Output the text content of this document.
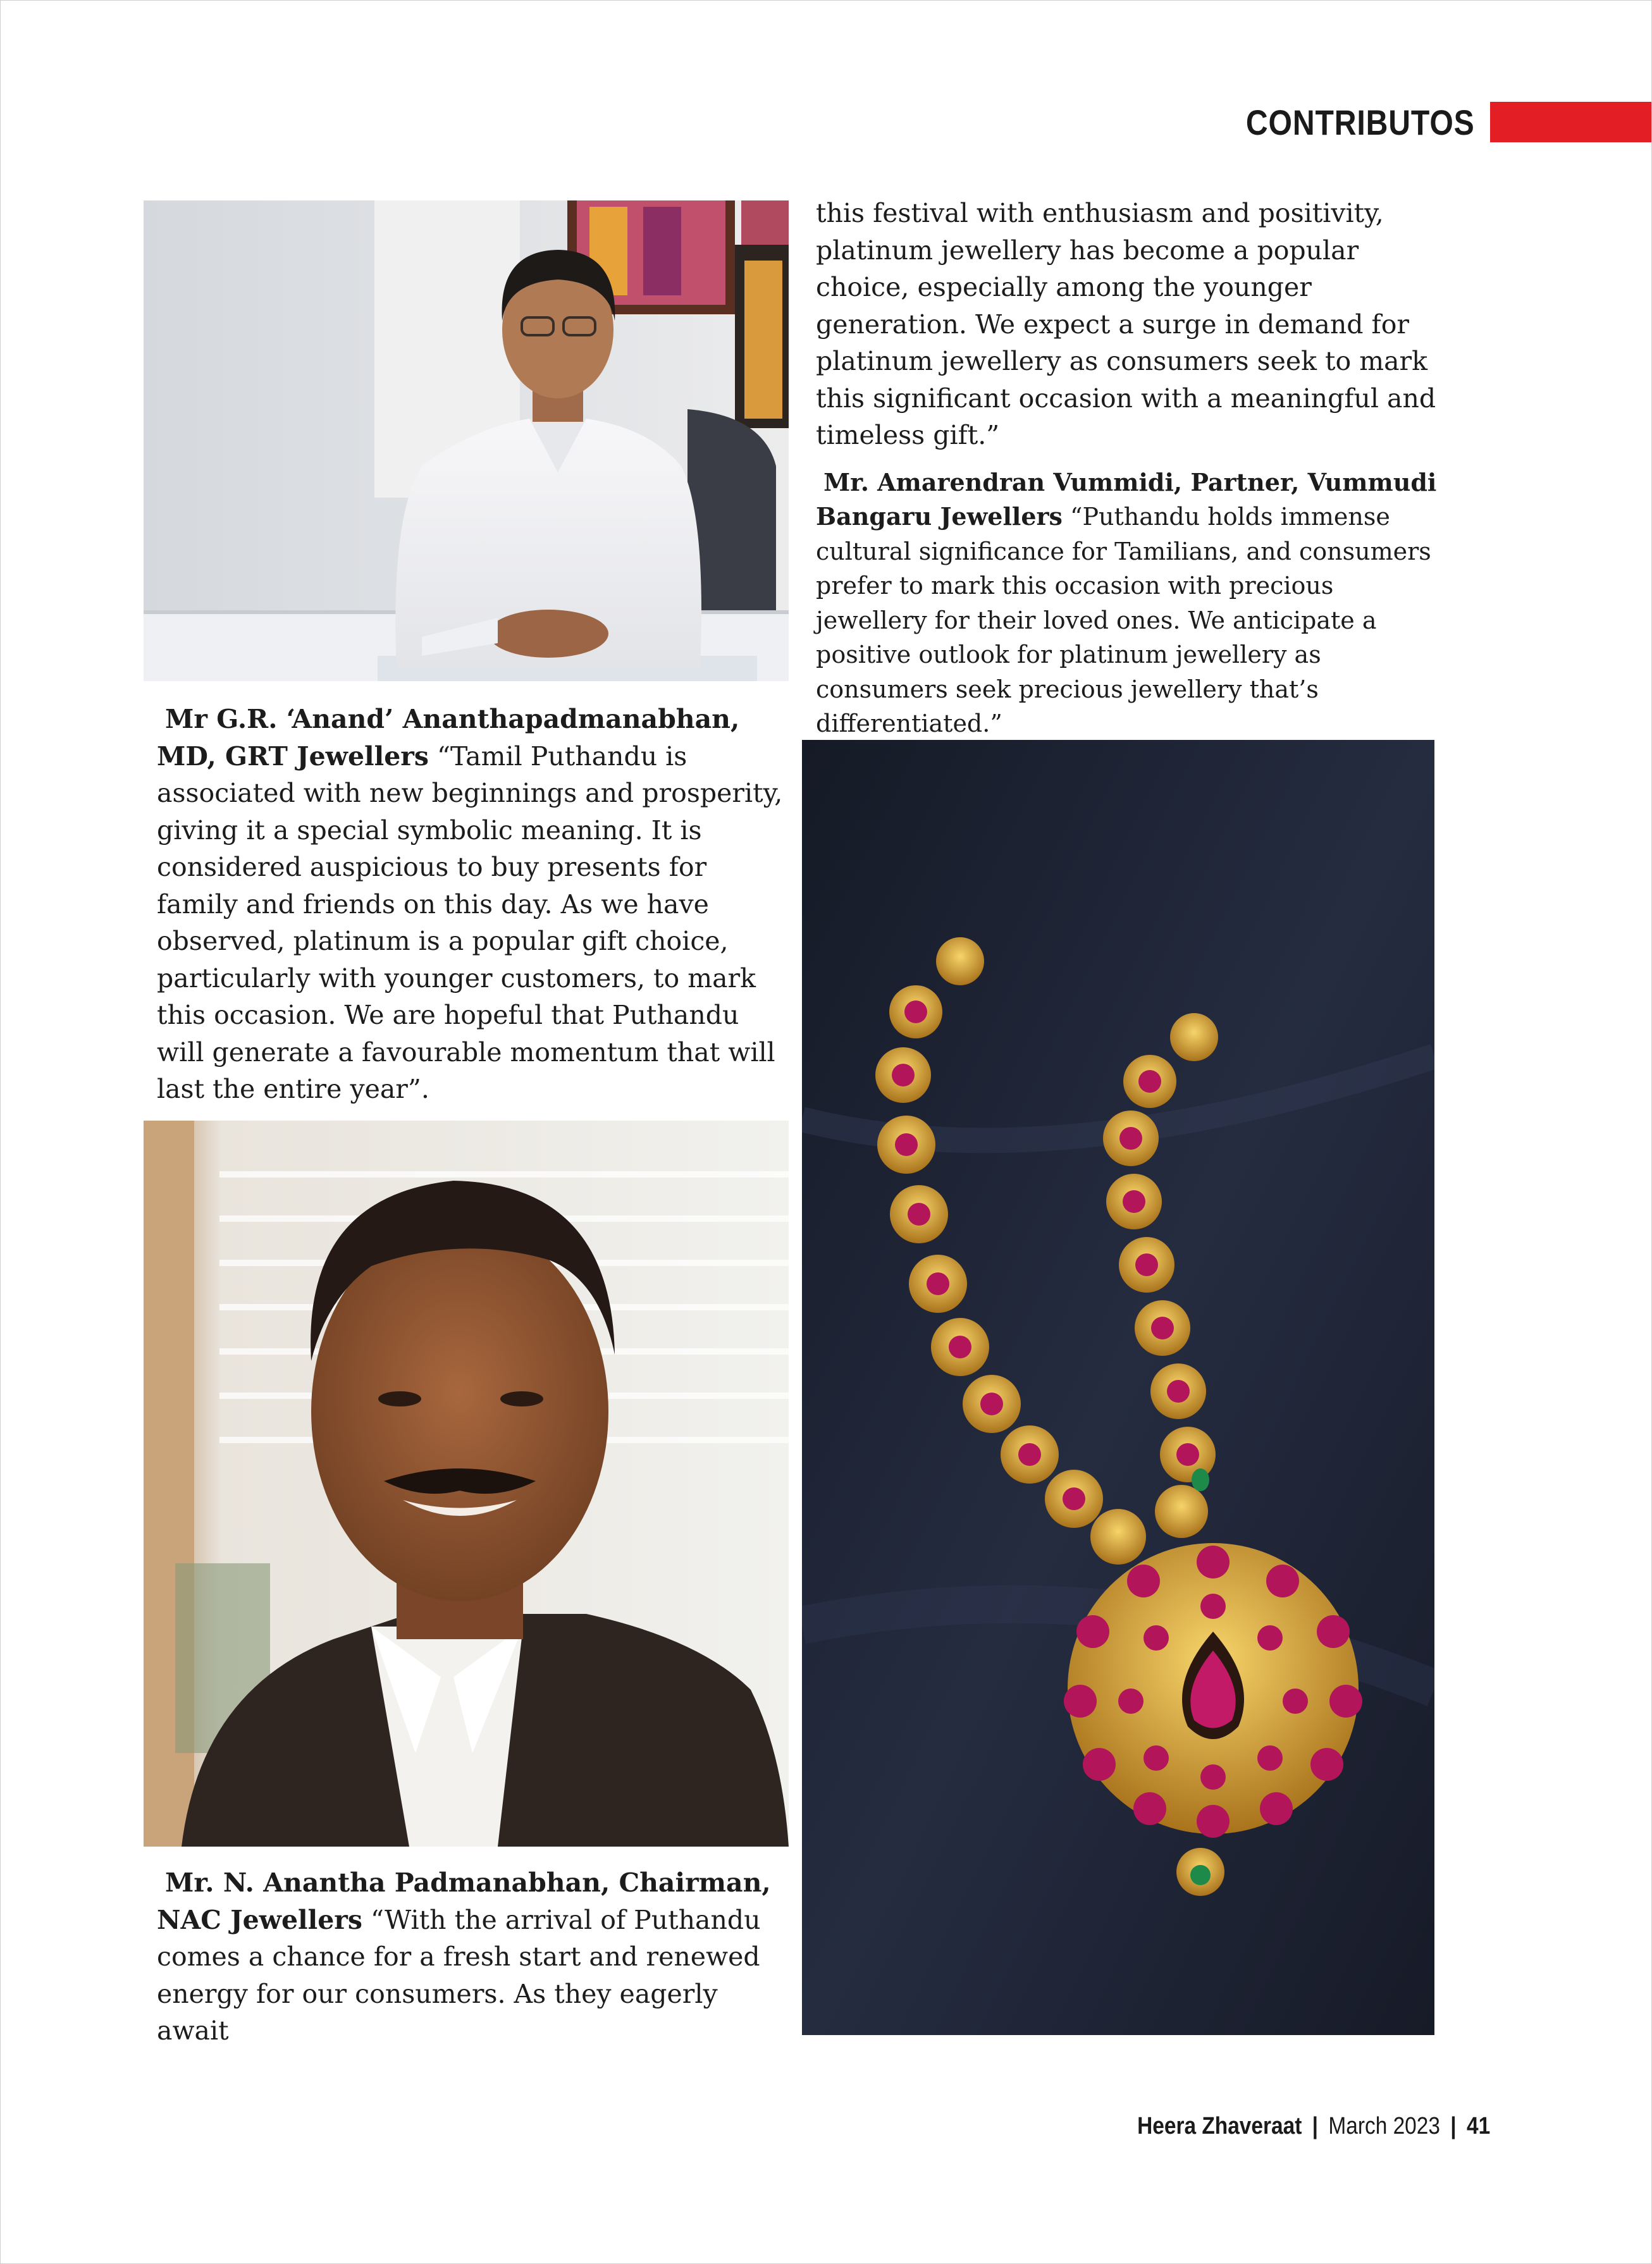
CONTRIBUTOS

this festival with enthusiasm and positivity, platinum jewellery has become a popular choice, especially among the younger generation. We expect a surge in demand for platinum jewellery as consumers seek to mark this significant occasion with a meaningful and timeless gift.”

Mr. Amarendran Vummidi, Partner, Vummudi Bangaru Jewellers “Puthandu holds immense cultural significance for Tamilians, and consumers prefer to mark this occasion with precious jewellery for their loved ones. We anticipate a positive outlook for platinum jewellery as consumers seek precious jewellery that’s differentiated.”

Mr G.R. ‘Anand’ Ananthapadmanabhan, MD, GRT Jewellers “Tamil Puthandu is associated with new beginnings and prosperity, giving it a special symbolic meaning. It is considered auspicious to buy presents for family and friends on this day. As we have observed, platinum is a popular gift choice, particularly with younger customers, to mark this occasion. We are hopeful that Puthandu will generate a favourable momentum that will last the entire year”.

Mr. N. Anantha Padmanabhan, Chairman, NAC Jewellers “With the arrival of Puthandu comes a chance for a fresh start and renewed energy for our consumers. As they eagerly await

Heera Zhaveraat | March 2023 | 41
